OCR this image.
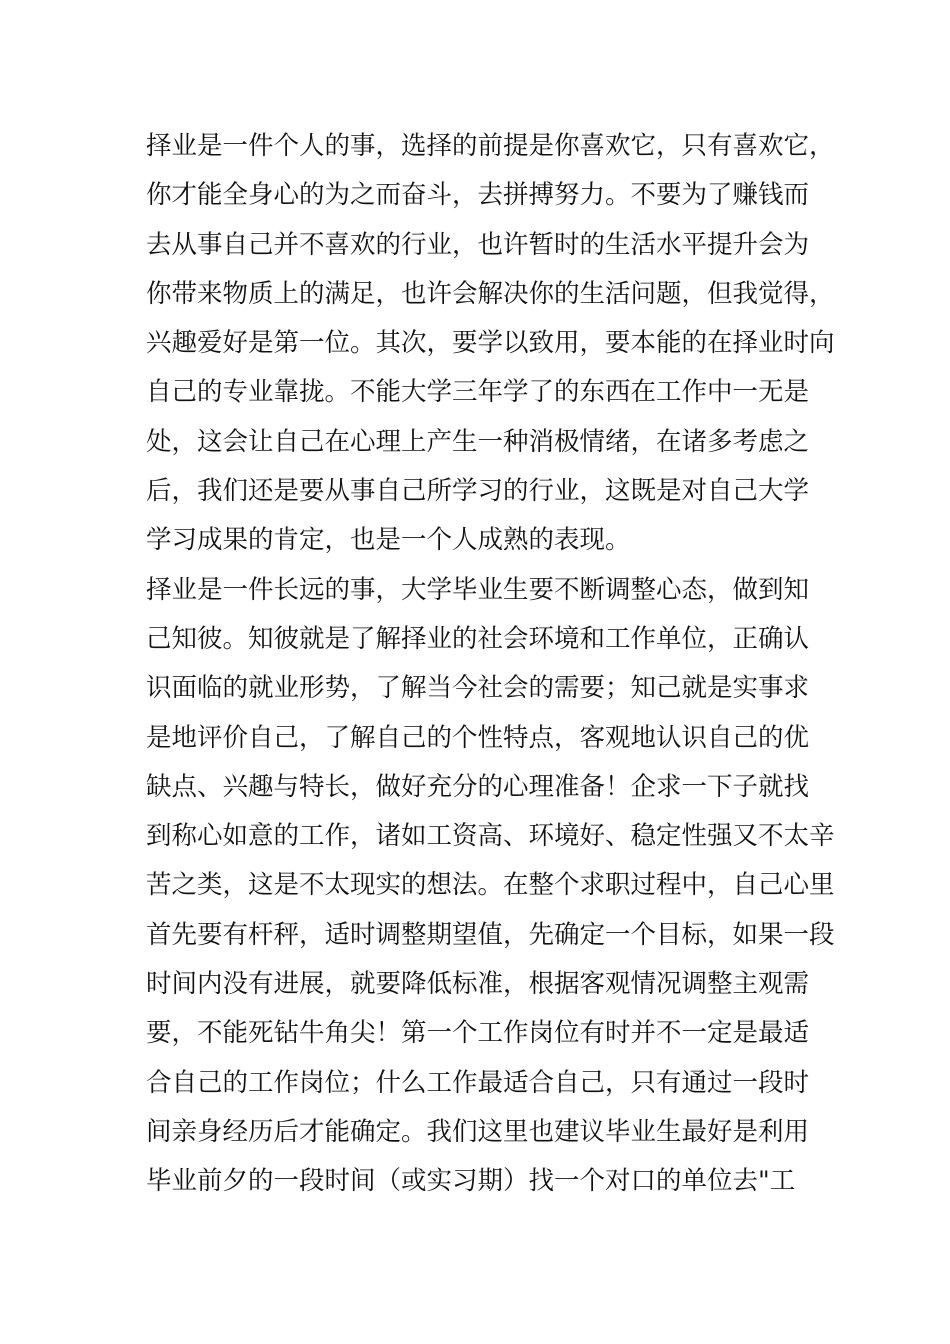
择业是一件个人的事，选择的前提是你喜欢它，只有喜欢它，
你才能全身心的为之而奋斗，去拼搏努力。不要为了赚钱而
去从事自己并不喜欢的行业，也许暂时的生活水平提升会为
你带来物质上的满足，也许会解决你的生活问题，但我觉得，
兴趣爱好是第一位。其次，要学以致用，要本能的在择业时向
自己的专业靠拢。不能大学三年学了的东西在工作中一无是
处，这会让自己在心理上产生一种消极情绪，在诸多考虑之
后，我们还是要从事自己所学习的行业，这既是对自己大学
学习成果的肯定，也是一个人成熟的表现。
择业是一件长远的事，大学毕业生要不断调整心态，做到知
己知彼。知彼就是了解择业的社会环境和工作单位，正确认
识面临的就业形势，了解当今社会的需要；知己就是实事求
是地评价自己，了解自己的个性特点，客观地认识自己的优
缺点、兴趣与特长，做好充分的心理准备！企求一下子就找
到称心如意的工作，诸如工资高、环境好、稳定性强又不太辛
苦之类，这是不太现实的想法。在整个求职过程中，自己心里
首先要有杆秤，适时调整期望值，先确定一个目标，如果一段
时间内没有进展，就要降低标准，根据客观情况调整主观需
要，不能死钻牛角尖！第一个工作岗位有时并不一定是最适
合自己的工作岗位；什么工作最适合自己，只有通过一段时
间亲身经历后才能确定。我们这里也建议毕业生最好是利用
毕业前夕的一段时间（或实习期）找一个对口的单位去"工
